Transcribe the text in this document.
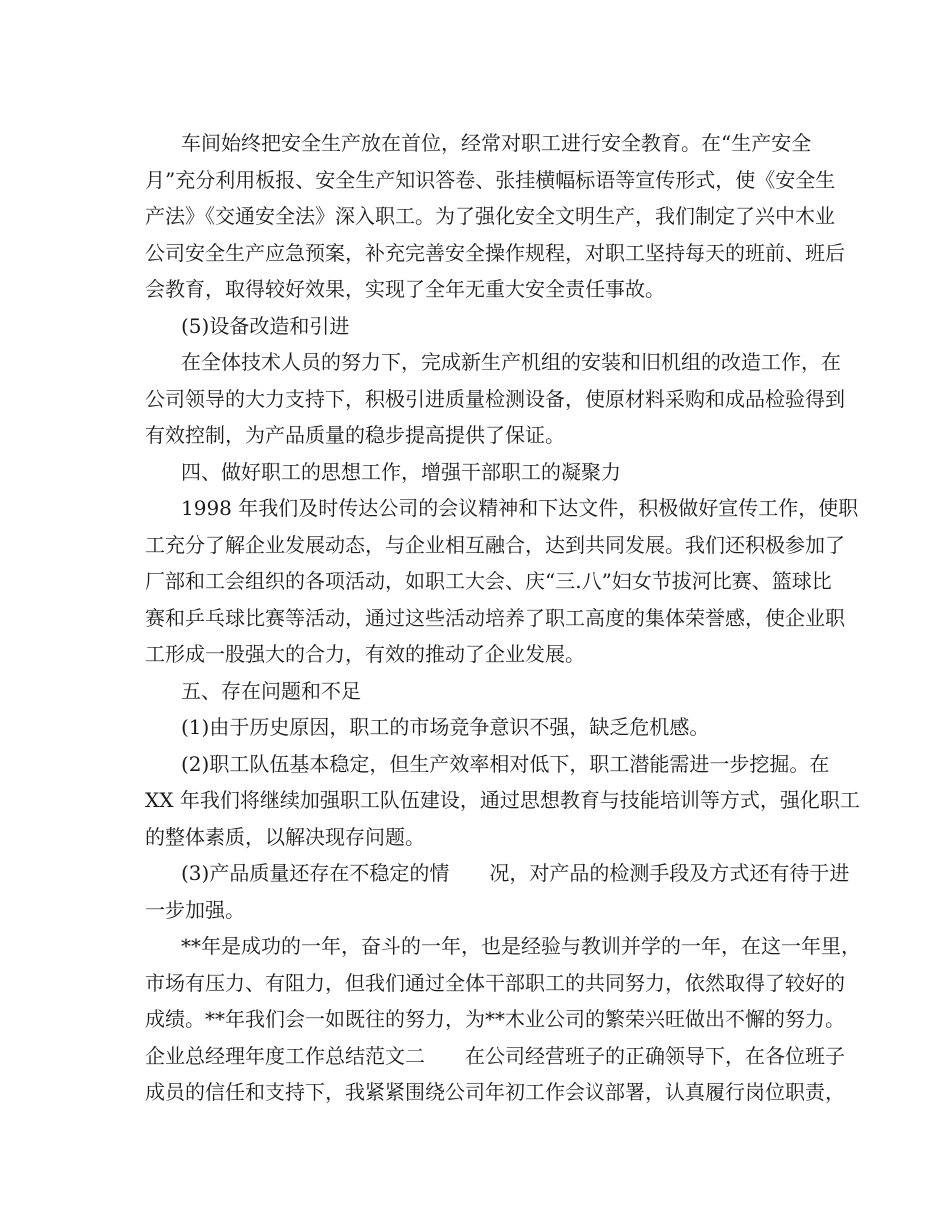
车间始终把安全生产放在首位，经常对职工进行安全教育。在“生产安全
月”充分利用板报、安全生产知识答卷、张挂横幅标语等宣传形式，使《安全生
产法》《交通安全法》深入职工。为了强化安全文明生产，我们制定了兴中木业
公司安全生产应急预案，补充完善安全操作规程，对职工坚持每天的班前、班后
会教育，取得较好效果，实现了全年无重大安全责任事故。
(5)设备改造和引进
在全体技术人员的努力下，完成新生产机组的安装和旧机组的改造工作，在
公司领导的大力支持下，积极引进质量检测设备，使原材料采购和成品检验得到
有效控制，为产品质量的稳步提高提供了保证。
四、做好职工的思想工作，增强干部职工的凝聚力
1998 年我们及时传达公司的会议精神和下达文件，积极做好宣传工作，使职
工充分了解企业发展动态，与企业相互融合，达到共同发展。我们还积极参加了
厂部和工会组织的各项活动，如职工大会、庆“三.八”妇女节拔河比赛、篮球比
赛和乒乓球比赛等活动，通过这些活动培养了职工高度的集体荣誉感，使企业职
工形成一股强大的合力，有效的推动了企业发展。
五、存在问题和不足
(1)由于历史原因，职工的市场竞争意识不强，缺乏危机感。
(2)职工队伍基本稳定，但生产效率相对低下，职工潜能需进一步挖掘。在
XX 年我们将继续加强职工队伍建设，通过思想教育与技能培训等方式，强化职工
的整体素质，以解决现存问题。
(3)产品质量还存在不稳定的情　　况，对产品的检测手段及方式还有待于进
一步加强。
**年是成功的一年，奋斗的一年，也是经验与教训并学的一年，在这一年里，
市场有压力、有阻力，但我们通过全体干部职工的共同努力，依然取得了较好的
成绩。**年我们会一如既往的努力，为**木业公司的繁荣兴旺做出不懈的努力。
企业总经理年度工作总结范文二　　在公司经营班子的正确领导下，在各位班子
成员的信任和支持下，我紧紧围绕公司年初工作会议部署，认真履行岗位职责，
